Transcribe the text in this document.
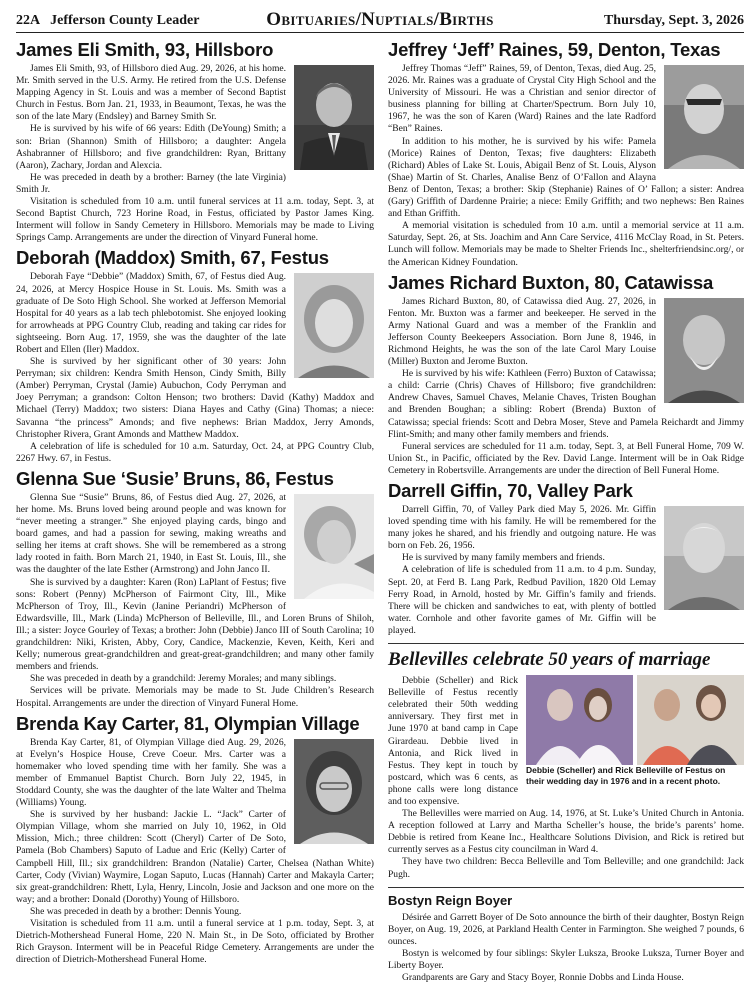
22A Jefferson County Leader	Obituaries/Nuptials/Births	Thursday, Sept. 3, 2026
James Eli Smith, 93, Hillsboro

James Eli Smith, 93, of Hillsboro died Aug. 29, 2026, at his home. Mr. Smith served in the U.S. Army. He retired from the U.S. Defense Mapping Agency in St. Louis and was a member of Second Baptist Church in Festus. Born Jan. 21, 1933, in Beaumont, Texas, he was the son of the late Mary (Endsley) and Barney Smith Sr.

He is survived by his wife of 66 years: Edith (DeYoung) Smith; a son: Brian (Shannon) Smith of Hillsboro; a daughter: Angela Ashabranner of Hillsboro; and five grandchildren: Ryan, Brittany (Aaron), Zachary, Jordan and Alexcia.

He was preceded in death by a brother: Barney (the late Virginia) Smith Jr.

Visitation is scheduled from 10 a.m. until funeral services at 11 a.m. today, Sept. 3, at Second Baptist Church, 723 Horine Road, in Festus, officiated by Pastor James King. Interment will follow in Sandy Cemetery in Hillsboro. Memorials may be made to Living Springs Camp. Arrangements are under the direction of Vinyard Funeral home.

Deborah (Maddox) Smith, 67, Festus

Deborah Faye “Debbie” (Maddox) Smith, 67, of Festus died Aug. 24, 2026, at Mercy Hospice House in St. Louis. Ms. Smith was a graduate of De Soto High School. She worked at Jefferson Memorial Hospital for 40 years as a lab tech phlebotomist. She enjoyed looking for arrowheads at PPG Country Club, reading and taking car rides for sightseeing. Born Aug. 17, 1959, she was the daughter of the late Robert and Ellen (Iler) Maddox.

She is survived by her significant other of 30 years: John Perryman; six children: Kendra Smith Henson, Cindy Smith, Billy (Amber) Perryman, Crystal (Jamie) Aubuchon, Cody Perryman and Joey Perryman; a grandson: Colton Henson; two brothers: David (Kathy) Maddox and Michael (Terry) Maddox; two sisters: Diana Hayes and Cathy (Gina) Thomas; a niece: Savanna “the princess” Amonds; and five nephews: Brian Maddox, Jerry Amonds, Christopher Rivera, Grant Amonds and Matthew Maddox.

A celebration of life is scheduled for 10 a.m. Saturday, Oct. 24, at PPG Country Club, 2267 Hwy. 67, in Festus.

Glenna Sue ‘Susie’ Bruns, 86, Festus

Glenna Sue “Susie” Bruns, 86, of Festus died Aug. 27, 2026, at her home. Ms. Bruns loved being around people and was known for “never meeting a stranger.” She enjoyed playing cards, bingo and board games, and had a passion for sewing, making wreaths and selling her items at craft shows. She will be remembered as a strong lady rooted in faith. Born March 21, 1940, in East St. Louis, Ill., she was the daughter of the late Esther (Armstrong) and John Janco II.

She is survived by a daughter: Karen (Ron) LaPlant of Festus; five sons: Robert (Penny) McPherson of Fairmont City, Ill., Mike McPherson of Troy, Ill., Kevin (Janine Periandri) McPherson of Edwardsville, Ill., Mark (Linda) McPherson of Belleville, Ill., and Loren Bruns of Shiloh, Ill.; a sister: Joyce Gourley of Texas; a brother: John (Debbie) Janco III of South Carolina; 10 grandchildren: Niki, Kristen, Abby, Cory, Candice, Mackenzie, Keven, Keith, Keri and Kelly; numerous great-grandchildren and great-great-grandchildren; and many other family members and friends.

She was preceded in death by a grandchild: Jeremy Morales; and many siblings.

Services will be private. Memorials may be made to St. Jude Children’s Research Hospital. Arrangements are under the direction of Vinyard Funeral Home.

Brenda Kay Carter, 81, Olympian Village

Brenda Kay Carter, 81, of Olympian Village died Aug. 29, 2026, at Evelyn’s Hospice House, Creve Coeur. Mrs. Carter was a homemaker who loved spending time with her family. She was a member of Emmanuel Baptist Church. Born July 22, 1945, in Stoddard County, she was the daughter of the late Walter and Thelma (Williams) Young.

She is survived by her husband: Jackie L. “Jack” Carter of Olympian Village, whom she married on July 10, 1962, in Old Mission, Mich.; three children: Scott (Cheryl) Carter of De Soto, Pamela (Bob Chambers) Saputo of Ladue and Eric (Kelly) Carter of Campbell Hill, Ill.; six grandchildren: Brandon (Natalie) Carter, Chelsea (Nathan White) Carter, Cody (Vivian) Waymire, Logan Saputo, Lucas (Hannah) Carter and Makayla Carter; six great-grandchildren: Rhett, Lyla, Henry, Lincoln, Josie and Jackson and one more on the way; and a brother: Donald (Dorothy) Young of Hillsboro.

She was preceded in death by a brother: Dennis Young.

Visitation is scheduled from 11 a.m. until a funeral service at 1 p.m. today, Sept. 3, at Dietrich-Mothershead Funeral Home, 220 N. Main St., in De Soto, officiated by Brother Rich Grayson. Interment will be in Peaceful Ridge Cemetery. Arrangements are under the direction of Dietrich-Mothershead Funeral Home.

Jeffrey ‘Jeff’ Raines, 59, Denton, Texas

Jeffrey Thomas “Jeff” Raines, 59, of Denton, Texas, died Aug. 25, 2026. Mr. Raines was a graduate of Crystal City High School and the University of Missouri. He was a Christian and senior director of business planning for billing at Charter/Spectrum. Born July 10, 1967, he was the son of Karen (Ward) Raines and the late Radford “Ben” Raines.

In addition to his mother, he is survived by his wife: Pamela (Morice) Raines of Denton, Texas; five daughters: Elizabeth (Richard) Ables of Lake St. Louis, Abigail Benz of St. Louis, Alyson (Shae) Martin of St. Charles, Analise Benz of O’Fallon and Alayna Benz of Denton, Texas; a brother: Skip (Stephanie) Raines of O’ Fallon; a sister: Andrea (Gary) Griffith of Dardenne Prairie; a niece: Emily Griffith; and two nephews: Ben Raines and Ethan Griffith.

A memorial visitation is scheduled from 10 a.m. until a memorial service at 11 a.m. Saturday, Sept. 26, at Sts. Joachim and Ann Care Service, 4116 McClay Road, in St. Peters. Lunch will follow. Memorials may be made to Shelter Friends Inc., shelterfriendsinc.org/, or the American Kidney Foundation.

James Richard Buxton, 80, Catawissa

James Richard Buxton, 80, of Catawissa died Aug. 27, 2026, in Fenton. Mr. Buxton was a farmer and beekeeper. He served in the Army National Guard and was a member of the Franklin and Jefferson County Beekeepers Association. Born June 8, 1946, in Richmond Heights, he was the son of the late Carol Mary Louise (Miller) Buxton and Jerome Buxton.

He is survived by his wife: Kathleen (Ferro) Buxton of Catawissa; a child: Carrie (Chris) Chaves of Hillsboro; five grandchildren: Andrew Chaves, Samuel Chaves, Melanie Chaves, Tristen Boughan and Brenden Boughan; a sibling: Robert (Brenda) Buxton of Catawissa; special friends: Scott and Debra Moser, Steve and Pamela Reichardt and Jimmy Flint-Smith; and many other family members and friends.

Funeral services are scheduled for 11 a.m. today, Sept. 3, at Bell Funeral Home, 709 W. Union St., in Pacific, officiated by the Rev. David Lange. Interment will be in Oak Ridge Cemetery in Robertsville. Arrangements are under the direction of Bell Funeral Home.

Darrell Giffin, 70, Valley Park

Darrell Giffin, 70, of Valley Park died May 5, 2026. Mr. Giffin loved spending time with his family. He will be remembered for the many jokes he shared, and his friendly and outgoing nature. He was born on Feb. 26, 1956.

He is survived by many family members and friends.

A celebration of life is scheduled from 11 a.m. to 4 p.m. Sunday, Sept. 20, at Ferd B. Lang Park, Redbud Pavilion, 1820 Old Lemay Ferry Road, in Arnold, hosted by Mr. Giffin’s family and friends. There will be chicken and sandwiches to eat, with plenty of bottled water. Cornhole and other favorite games of Mr. Giffin will be played.

Bellevilles celebrate 50 years of marriage
Debbie (Scheller) and Rick Belleville of Festus on their wedding day in 1976 and in a recent photo.

Debbie (Scheller) and Rick Belleville of Festus recently celebrated their 50th wedding anniversary. They first met in June 1970 at band camp in Cape Girardeau. Debbie lived in Antonia, and Rick lived in Festus. They kept in touch by postcard, which was 6 cents, as phone calls were long distance and too expensive.

The Bellevilles were married on Aug. 14, 1976, at St. Luke’s United Church in Antonia. A reception followed at Larry and Martha Scheller’s house, the bride’s parents’ home. Debbie is retired from Keane Inc., Healthcare Solutions Division, and Rick is retired but currently serves as a Festus city councilman in Ward 4.

They have two children: Becca Belleville and Tom Belleville; and one grandchild: Jack Pugh.

Bostyn Reign Boyer

Désirée and Garrett Boyer of De Soto announce the birth of their daughter, Bostyn Reign Boyer, on Aug. 19, 2026, at Parkland Health Center in Farmington. She weighed 7 pounds, 6 ounces.

Bostyn is welcomed by four siblings: Skyler Luksza, Brooke Luksza, Turner Boyer and Liberty Boyer.

Grandparents are Gary and Stacy Boyer, Ronnie Dobbs and Linda House.
